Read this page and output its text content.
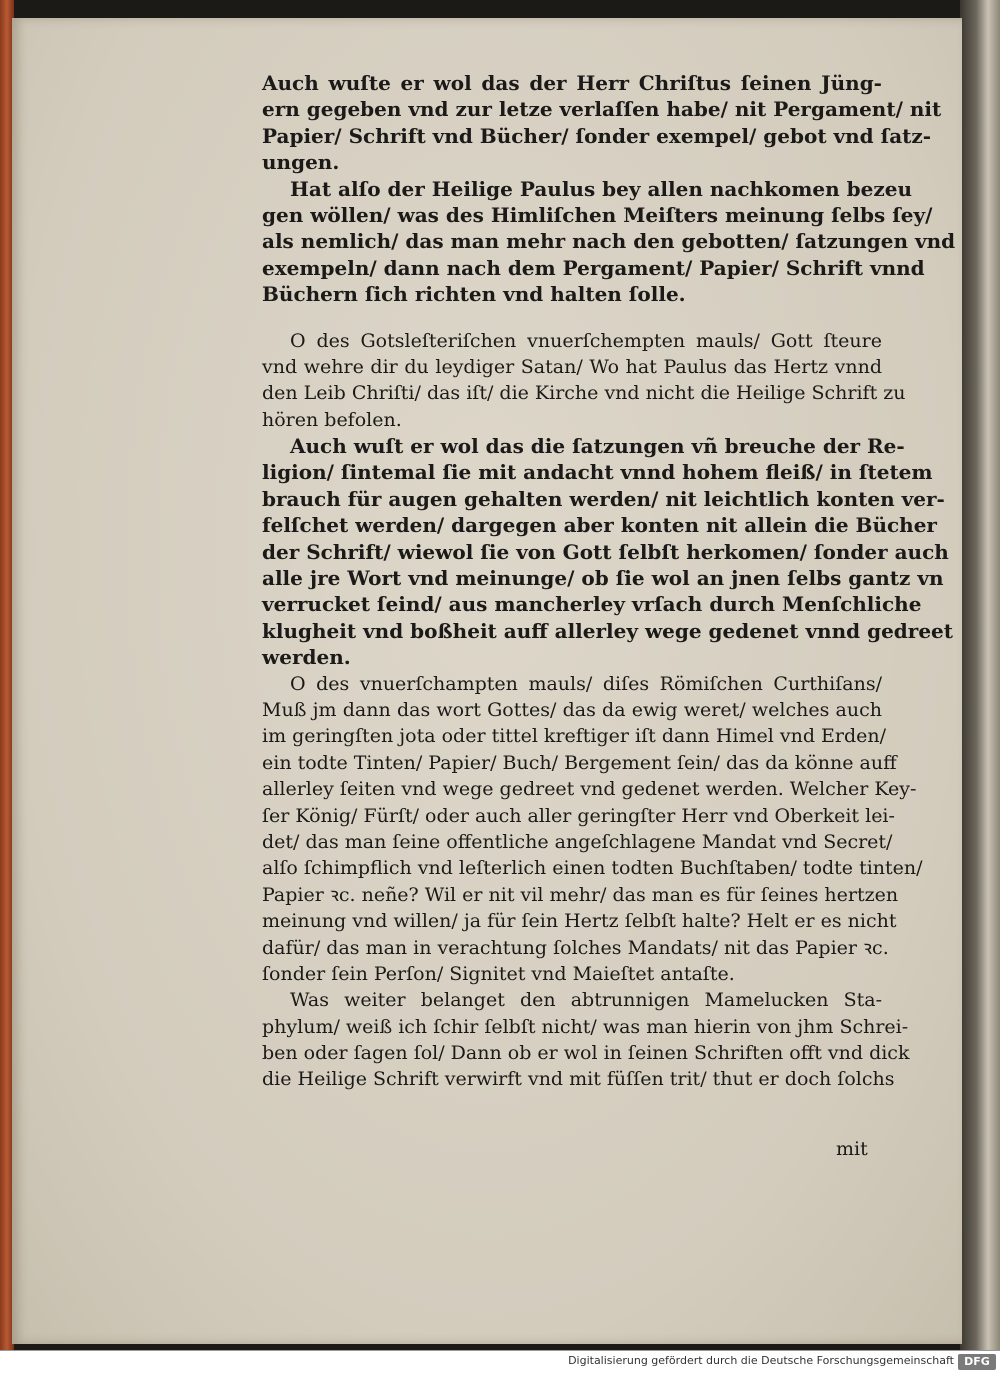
Auch wuſte er wol das der Herr Chriſtus ſeinen Jüng-
ern gegeben vnd zur letze verlaſſen habe/ nit Pergament/ nit
Papier/ Schrift vnd Bücher/ ſonder exempel/ gebot vnd ſatz-
ungen.
Hat alſo der Heilige Paulus bey allen nachkomen bezeu
gen wöllen/ was des Himliſchen Meiſters meinung ſelbs ſey/
als nemlich/ das man mehr nach den gebotten/ ſatzungen vnd
exempeln/ dann nach dem Pergament/ Papier/ Schrift vnnd
Büchern ſich richten vnd halten ſolle.
O des Gotsleſteriſchen vnuerſchempten mauls/ Gott ſteure
vnd wehre dir du leydiger Satan/ Wo hat Paulus das Hertz vnnd
den Leib Chriſti/ das iſt/ die Kirche vnd nicht die Heilige Schrift zu
hören befolen.
Auch wuſt er wol das die ſatzungen vñ breuche der Re-
ligion/ ſintemal ſie mit andacht vnnd hohem fleiß/ in ſtetem
brauch für augen gehalten werden/ nit leichtlich konten ver-
felſchet werden/ dargegen aber konten nit allein die Bücher
der Schrift/ wiewol ſie von Gott ſelbſt herkomen/ ſonder auch
alle jre Wort vnd meinunge/ ob ſie wol an jnen ſelbs gantz vn
verrucket ſeind/ aus mancherley vrſach durch Menſchliche
klugheit vnd boßheit auff allerley wege gedenet vnnd gedreet
werden.
O des vnuerſchampten mauls/ diſes Römiſchen Curthiſans/
Muß jm dann das wort Gottes/ das da ewig weret/ welches auch
im geringſten jota oder tittel kreftiger iſt dann Himel vnd Erden/
ein todte Tinten/ Papier/ Buch/ Bergement ſein/ das da könne auff
allerley ſeiten vnd wege gedreet vnd gedenet werden. Welcher Key-
ſer König/ Fürſt/ oder auch aller geringſter Herr vnd Oberkeit lei-
det/ das man ſeine offentliche angeſchlagene Mandat vnd Secret/
alſo ſchimpflich vnd leſterlich einen todten Buchſtaben/ todte tinten/
Papier ꝛc. neñe? Wil er nit vil mehr/ das man es für ſeines hertzen
meinung vnd willen/ ja für ſein Hertz ſelbſt halte? Helt er es nicht
dafür/ das man in verachtung ſolches Mandats/ nit das Papier ꝛc.
ſonder ſein Perſon/ Signitet vnd Maieſtet antaſte.
Was weiter belanget den abtrunnigen Mamelucken Sta-
phylum/ weiß ich ſchir ſelbſt nicht/ was man hierin von jhm Schrei-
ben oder ſagen ſol/ Dann ob er wol in ſeinen Schriften offt vnd dick
die Heilige Schrift verwirft vnd mit füſſen trit/ thut er doch ſolchs
mit
Digitalisierung gefördert durch die Deutsche Forschungsgemeinschaft DFG
